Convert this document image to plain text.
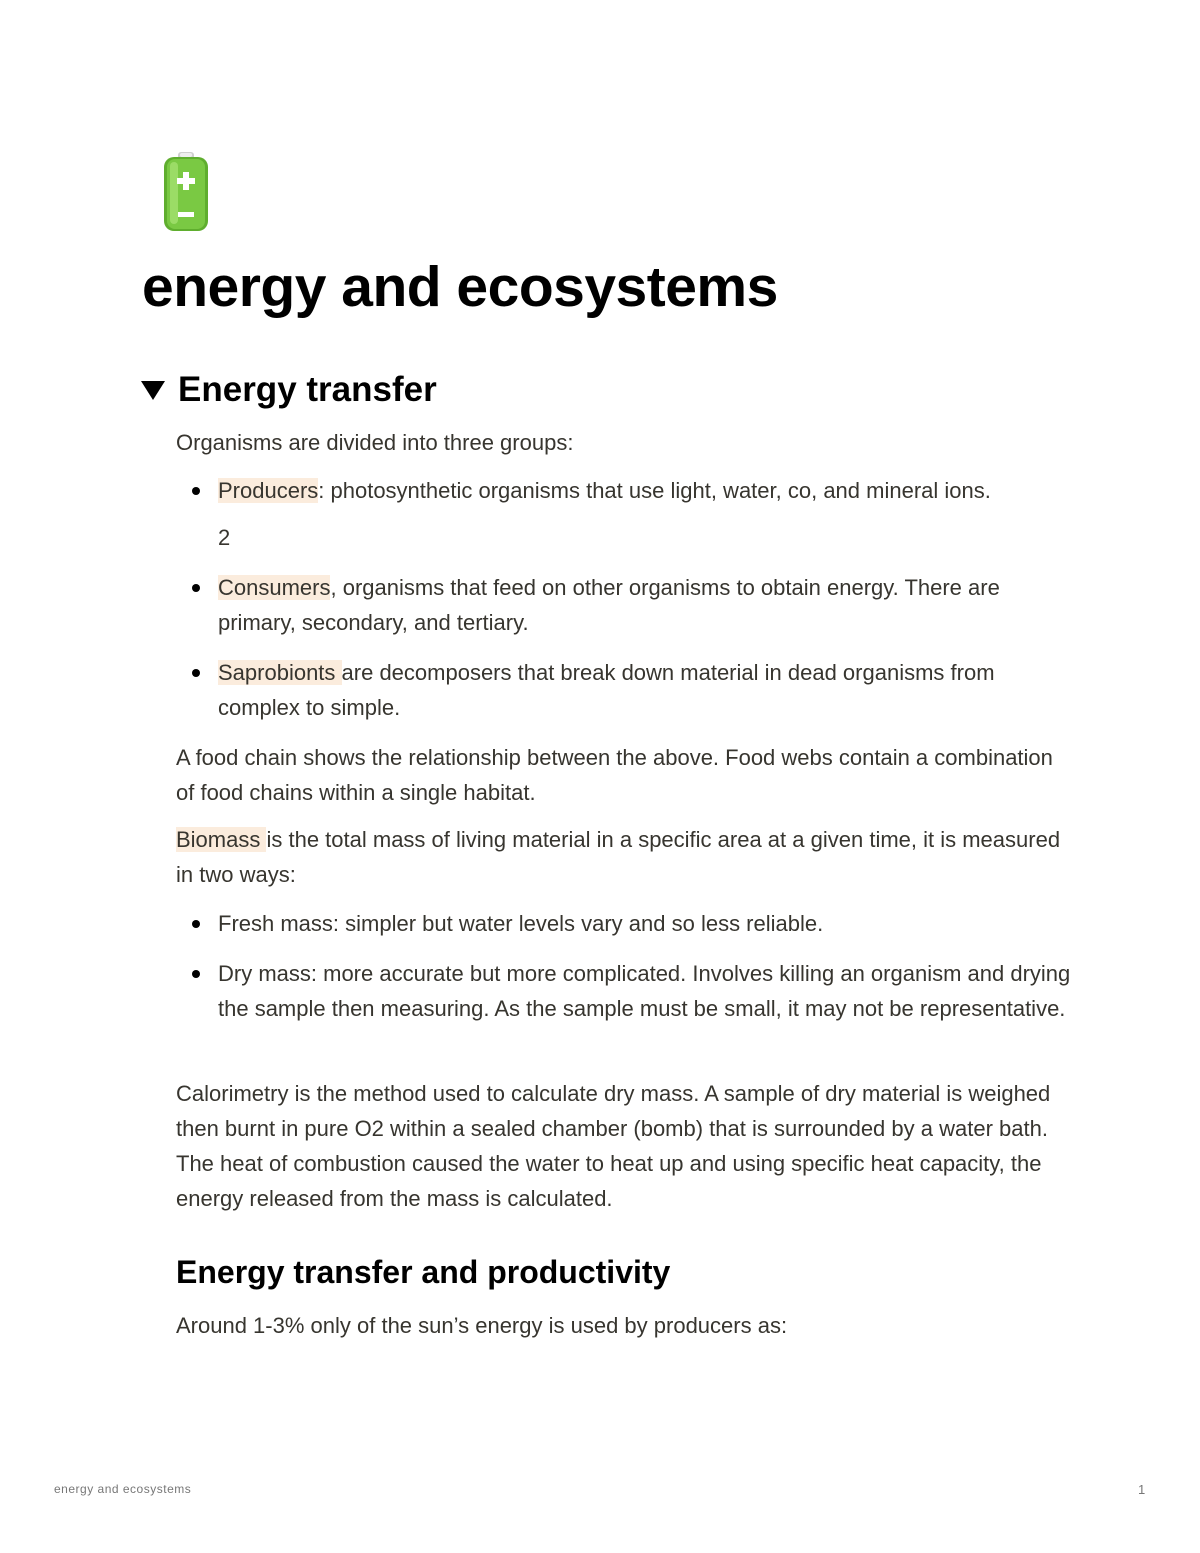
energy and ecosystems
Energy transfer

Organisms are divided into three groups:

Producers: photosynthetic organisms that use light, water, co, and mineral ions.

2

Consumers, organisms that feed on other organisms to obtain energy. There are primary, secondary, and tertiary.

Saprobionts are decomposers that break down material in dead organisms from complex to simple.

A food chain shows the relationship between the above. Food webs contain a combination of food chains within a single habitat.

Biomass is the total mass of living material in a specific area at a given time, it is measured in two ways:

Fresh mass: simpler but water levels vary and so less reliable.

Dry mass: more accurate but more complicated. Involves killing an organism and drying the sample then measuring. As the sample must be small, it may not be representative.

Calorimetry is the method used to calculate dry mass. A sample of dry material is weighed then burnt in pure O2 within a sealed chamber (bomb) that is surrounded by a water bath. The heat of combustion caused the water to heat up and using specific heat capacity, the energy released from the mass is calculated.

Energy transfer and productivity

Around 1-3% only of the sun’s energy is used by producers as:

energy and ecosystems	1
